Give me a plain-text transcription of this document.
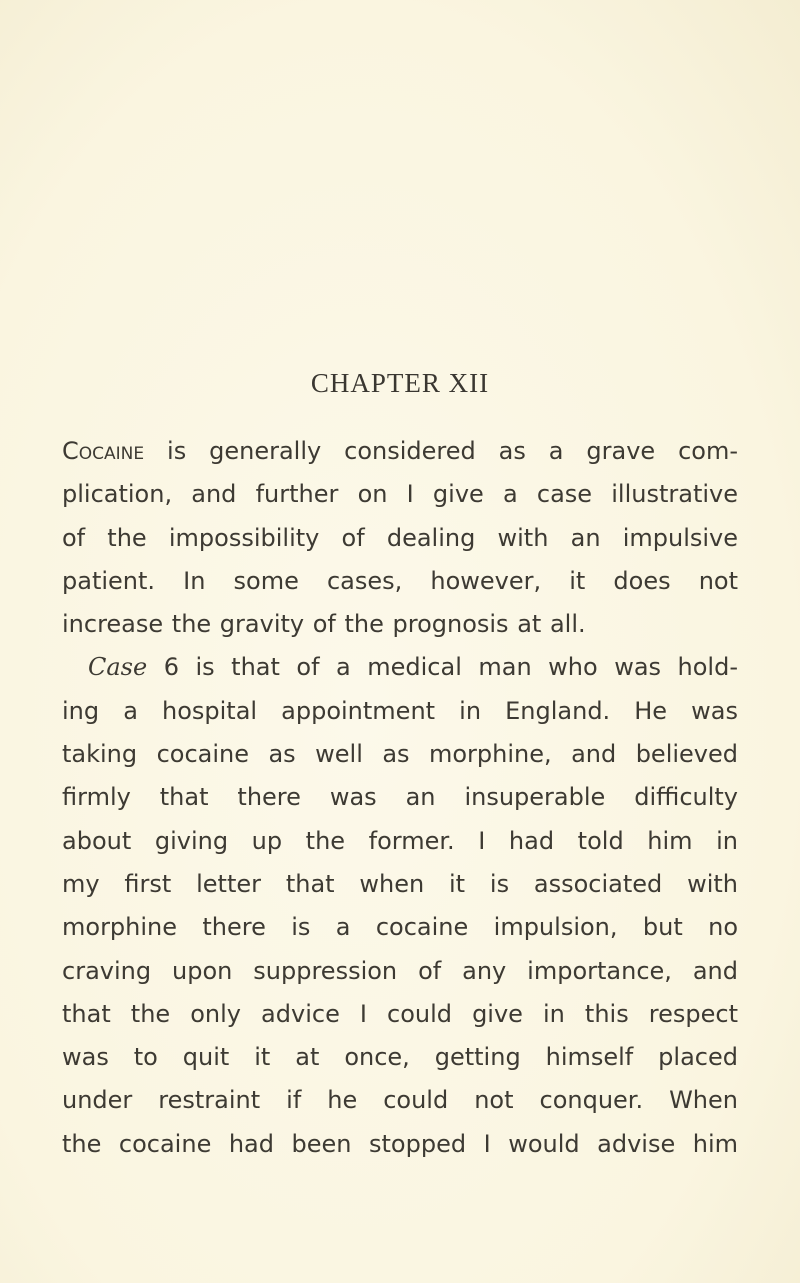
CHAPTER XII
Cocaine is generally considered as a grave com-
plication, and further on I give a case illustrative
of the impossibility of dealing with an impulsive
patient. In some cases, however, it does not
increase the gravity of the prognosis at all.
Case 6 is that of a medical man who was hold-
ing a hospital appointment in England. He was
taking cocaine as well as morphine, and believed
firmly that there was an insuperable difficulty
about giving up the former. I had told him in
my first letter that when it is associated with
morphine there is a cocaine impulsion, but no
craving upon suppression of any importance, and
that the only advice I could give in this respect
was to quit it at once, getting himself placed
under restraint if he could not conquer. When
the cocaine had been stopped I would advise him
